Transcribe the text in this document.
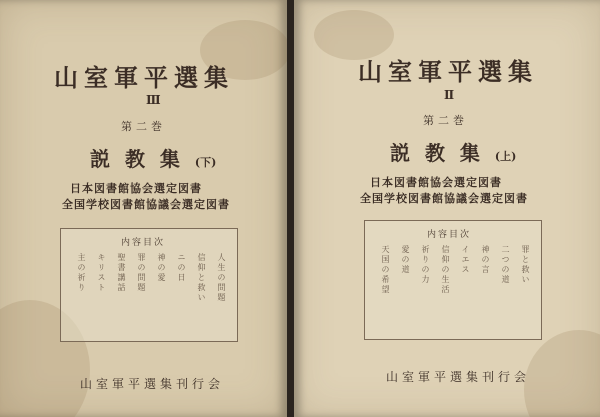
山室軍平選集
Ⅲ
第二巻
説 教 集 (下)
日本図書館協会選定図書
全国学校図書館協議会選定図書
内容目次
人生の問題
信仰と救い
ニの日
神の愛
罪の問題
聖書講話
キリスト
主の祈り
山室軍平選集刊行会
山室軍平選集
Ⅱ
第二巻
説 教 集 (上)
日本図書館協会選定図書
全国学校図書館協議会選定図書
内容目次
罪と救い
二つの道
神の言
イエス
信仰の生活
祈りの力
愛の道
天国の希望
山室軍平選集刊行会
